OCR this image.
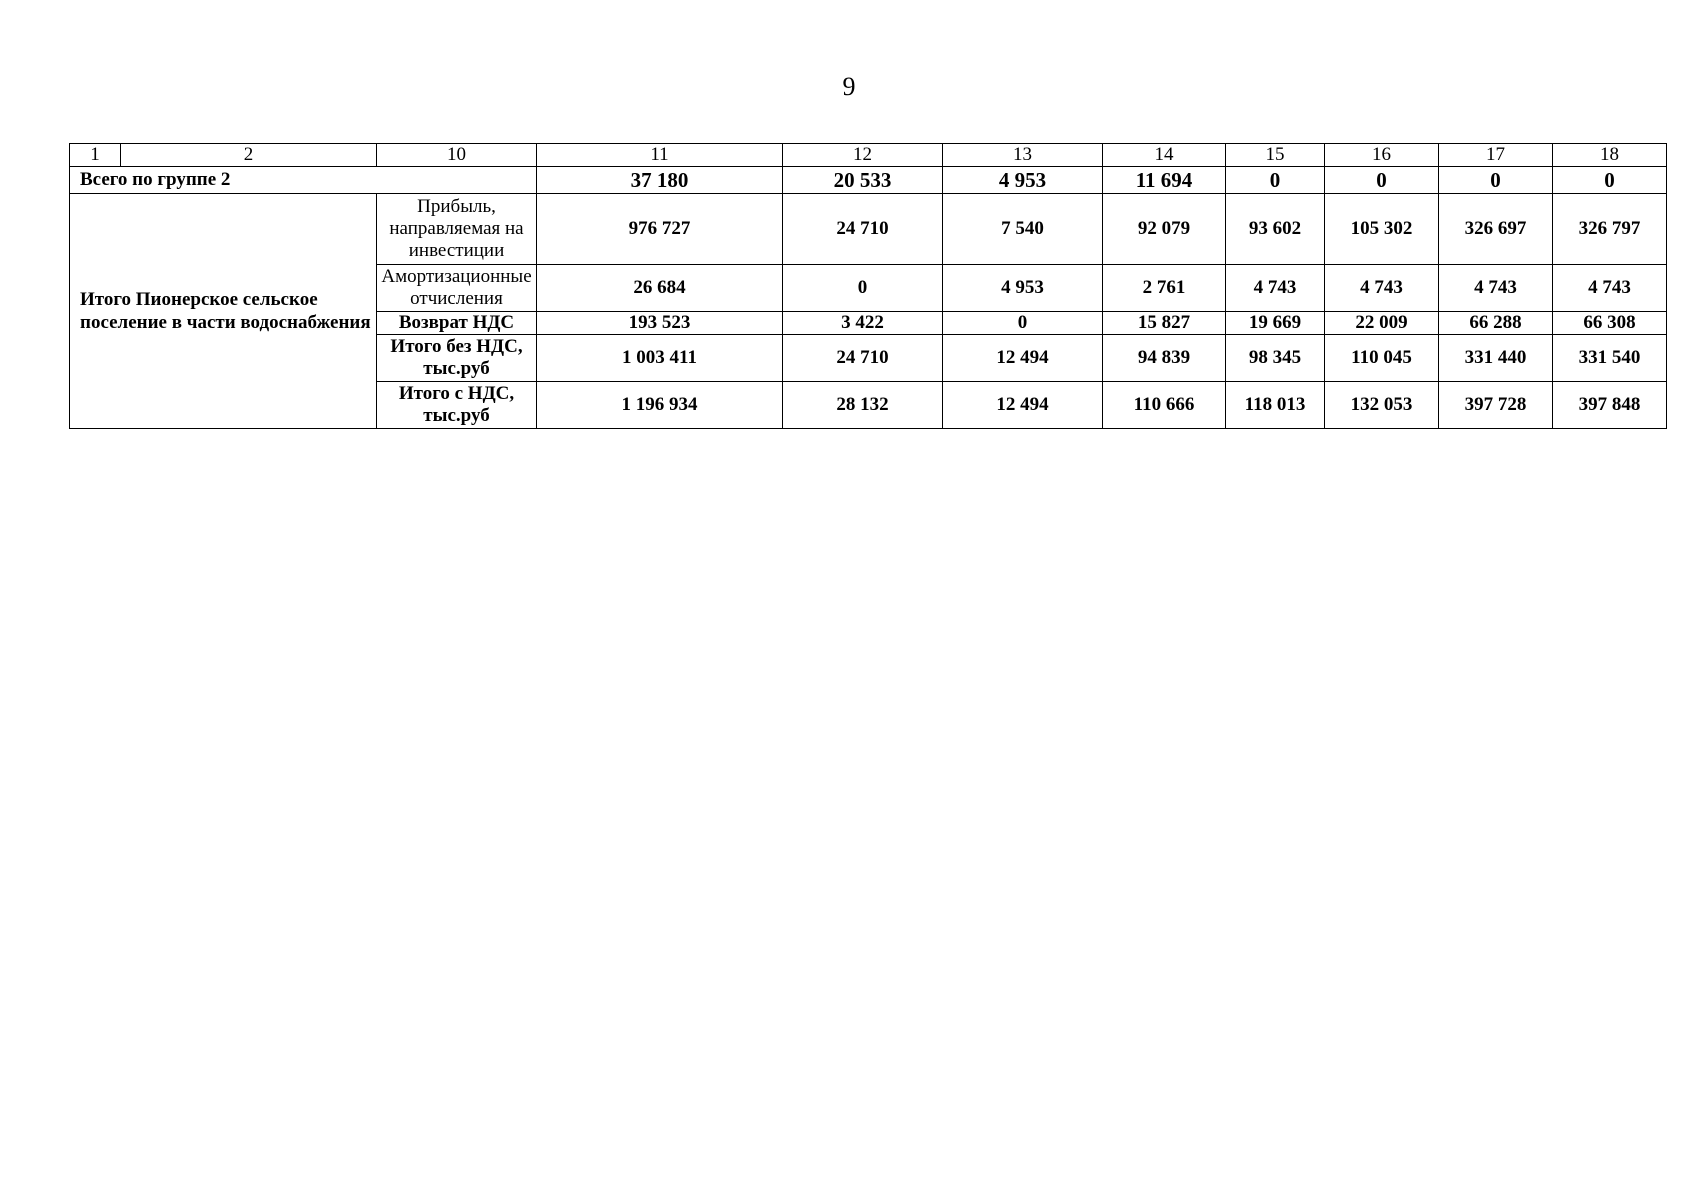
9
1	2	10	11	12	13	14	15	16	17	18
Всего по группе 2			37 180	20 533	4 953	11 694	0	0	0	0
Итого Пионерское сельское поселение в части водоснабжения		Прибыль, направляемая на инвестиции	976 727	24 710	7 540	92 079	93 602	105 302	326 697	326 797
		Амортизационные отчисления	26 684	0	4 953	2 761	4 743	4 743	4 743	4 743
		Возврат НДС	193 523	3 422	0	15 827	19 669	22 009	66 288	66 308
		Итого без НДС, тыс.руб	1 003 411	24 710	12 494	94 839	98 345	110 045	331 440	331 540
		Итого с НДС, тыс.руб	1 196 934	28 132	12 494	110 666	118 013	132 053	397 728	397 848
